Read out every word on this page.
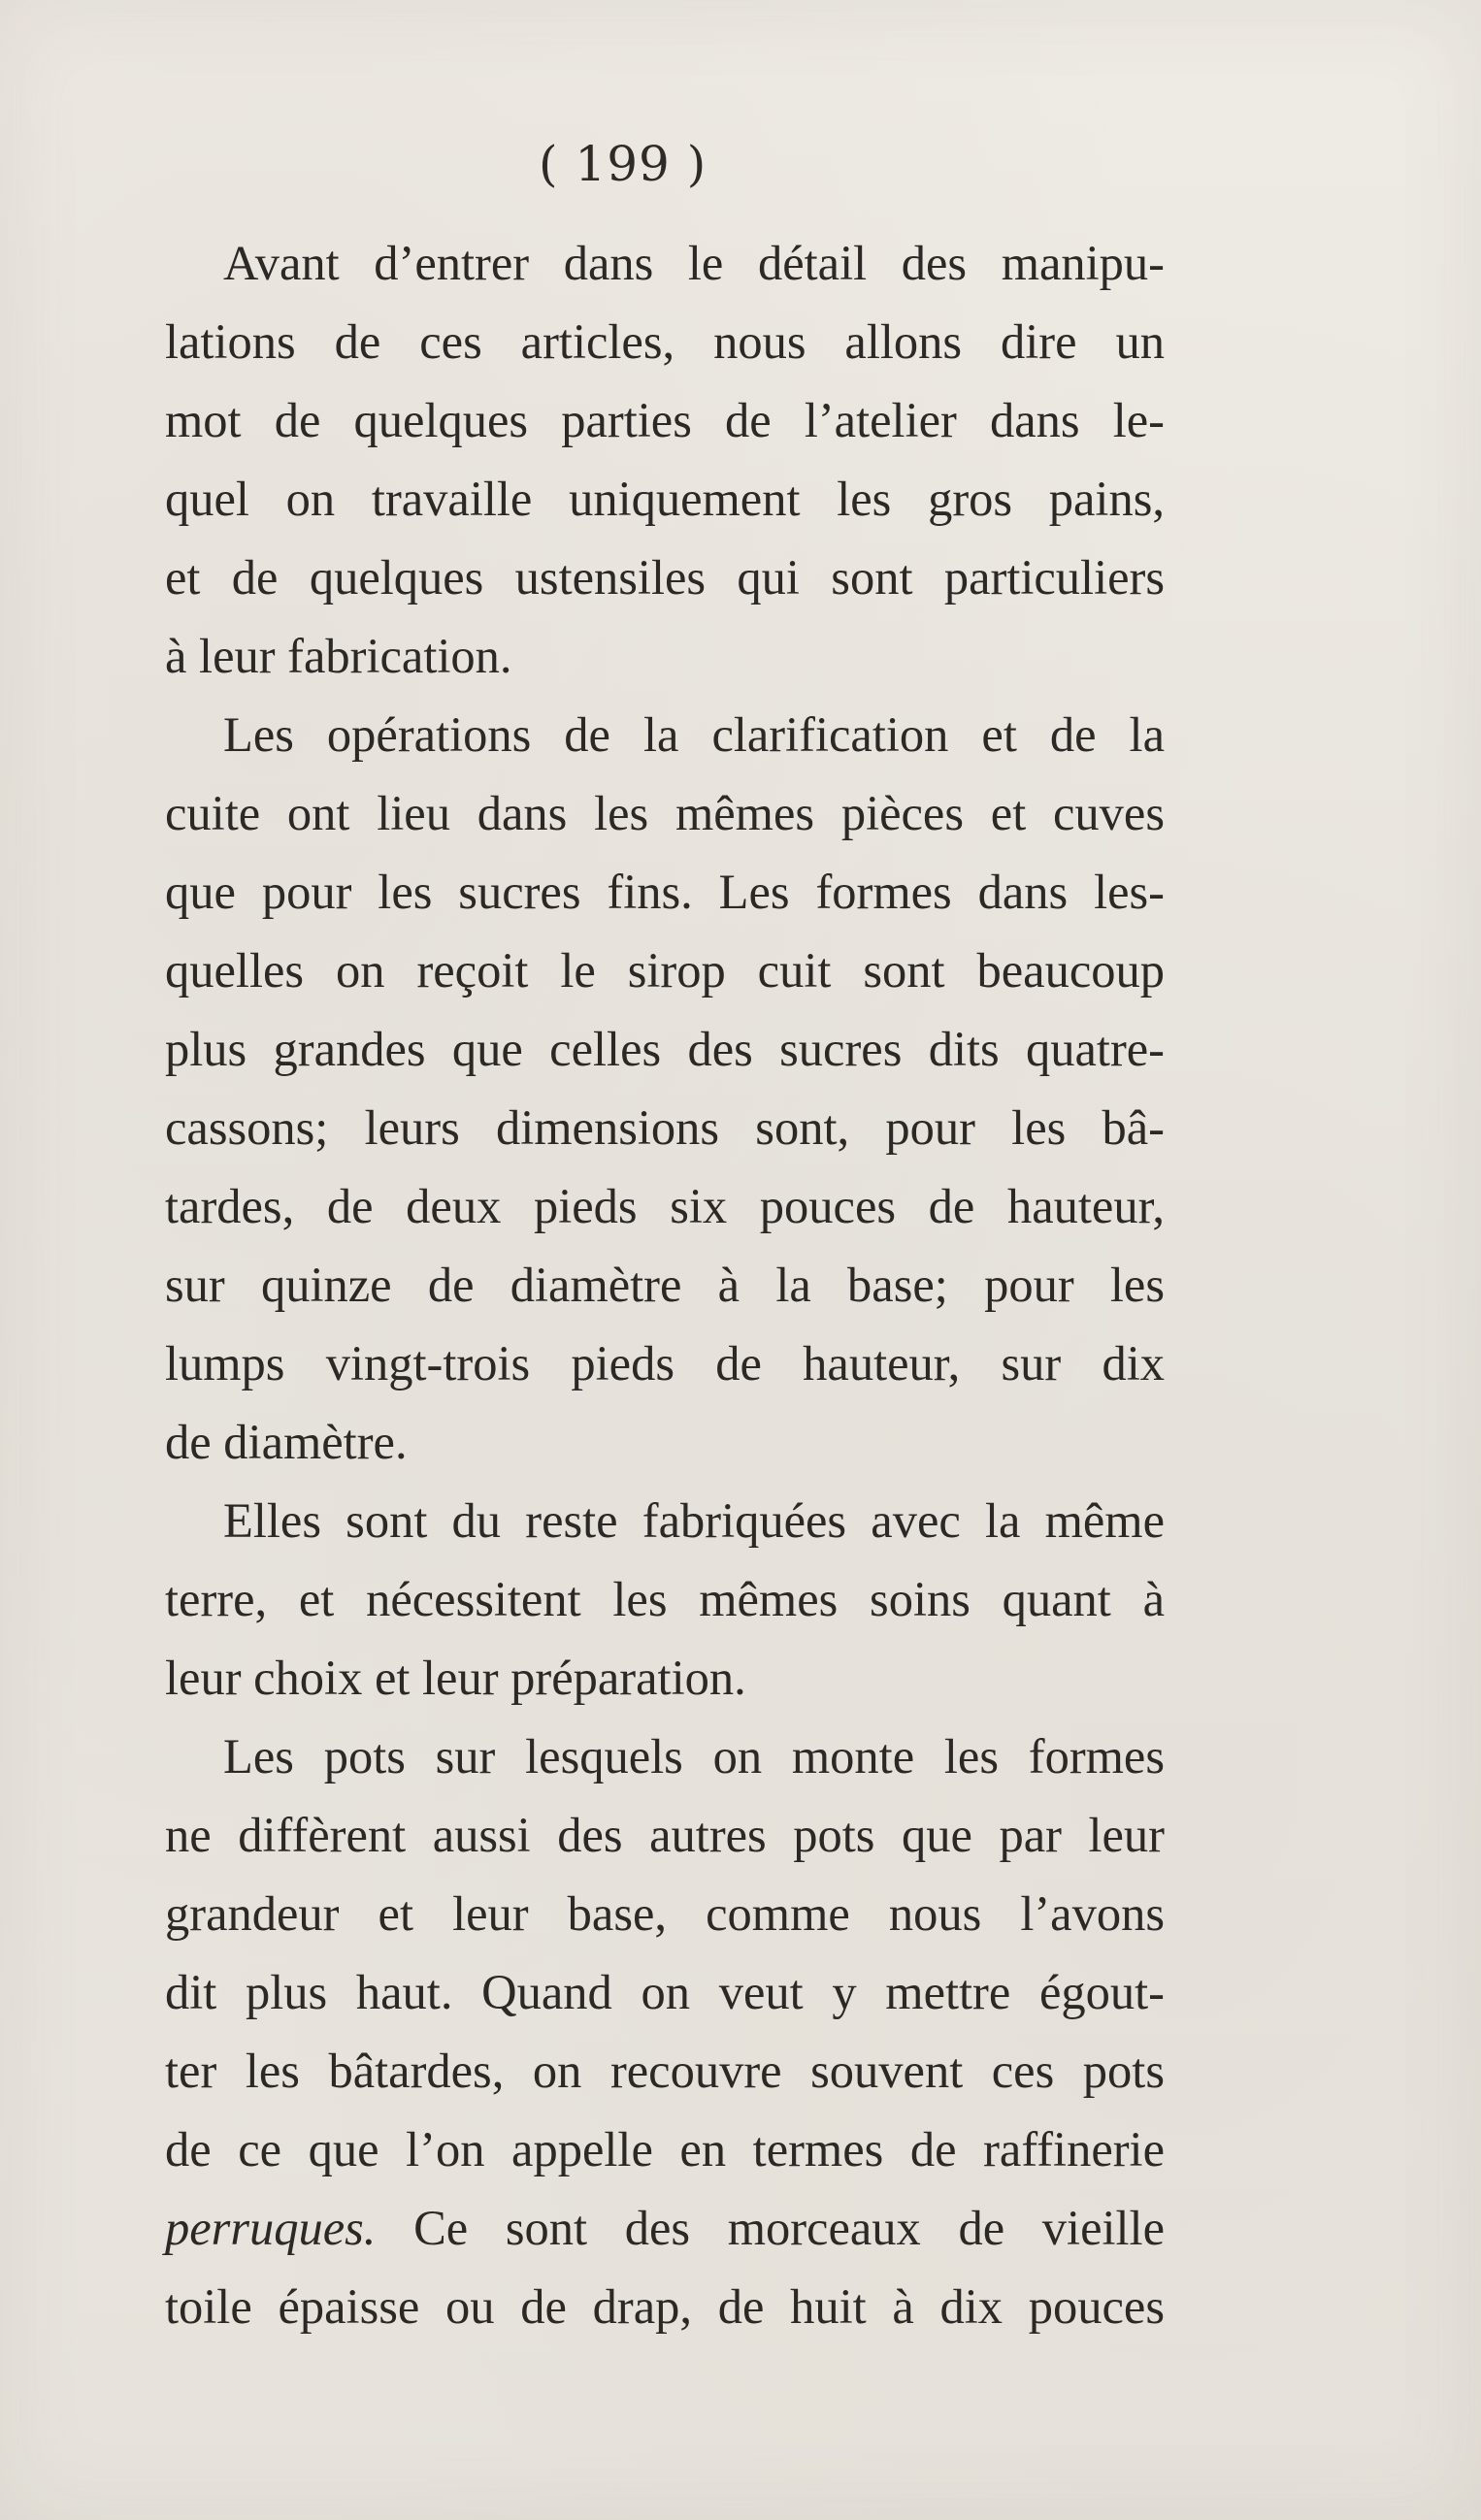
( 199 )

Avant d’entrer dans le détail des manipu-
lations de ces articles, nous allons dire un
mot de quelques parties de l’atelier dans le-
quel on travaille uniquement les gros pains,
et de quelques ustensiles qui sont particuliers
à leur fabrication.

Les opérations de la clarification et de la
cuite ont lieu dans les mêmes pièces et cuves
que pour les sucres fins. Les formes dans les-
quelles on reçoit le sirop cuit sont beaucoup
plus grandes que celles des sucres dits quatre-
cassons; leurs dimensions sont, pour les bâ-
tardes, de deux pieds six pouces de hauteur,
sur quinze de diamètre à la base; pour les
lumps vingt-trois pieds de hauteur, sur dix
de diamètre.

Elles sont du reste fabriquées avec la même
terre, et nécessitent les mêmes soins quant à
leur choix et leur préparation.

Les pots sur lesquels on monte les formes
ne diffèrent aussi des autres pots que par leur
grandeur et leur base, comme nous l’avons
dit plus haut. Quand on veut y mettre égout-
ter les bâtardes, on recouvre souvent ces pots
de ce que l’on appelle en termes de raffinerie
perruques. Ce sont des morceaux de vieille
toile épaisse ou de drap, de huit à dix pouces
